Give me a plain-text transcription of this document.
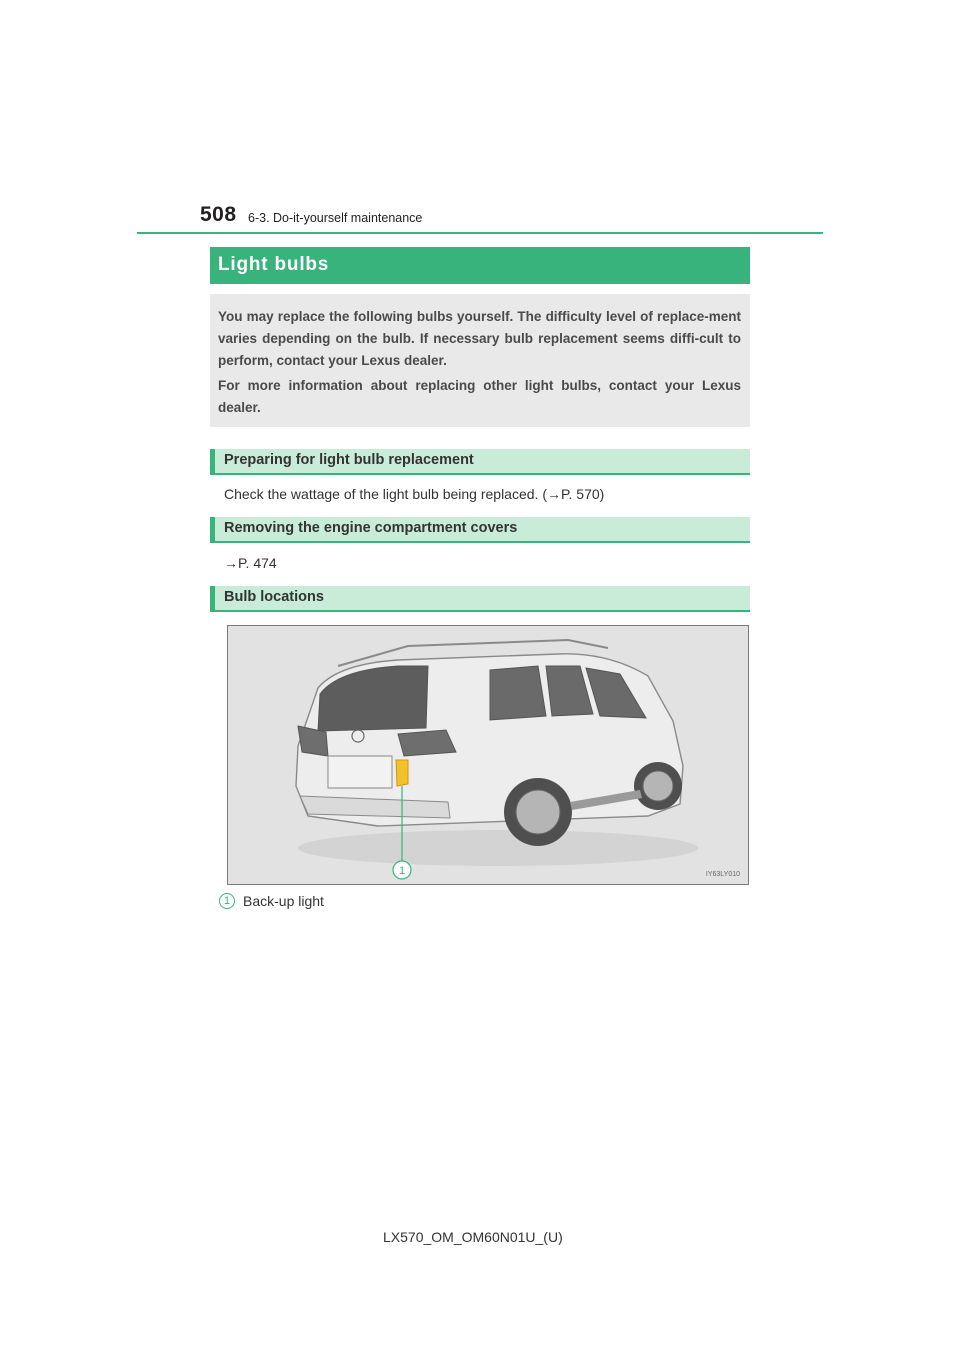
508 6-3. Do-it-yourself maintenance
Light bulbs
You may replace the following bulbs yourself. The difficulty level of replace-ment varies depending on the bulb. If necessary bulb replacement seems diffi-cult to perform, contact your Lexus dealer.
For more information about replacing other light bulbs, contact your Lexus dealer.
Preparing for light bulb replacement
Check the wattage of the light bulb being replaced. (→P. 570)
Removing the engine compartment covers
→P. 474
Bulb locations
1	IY63LY010
1 Back-up light
LX570_OM_OM60N01U_(U)
